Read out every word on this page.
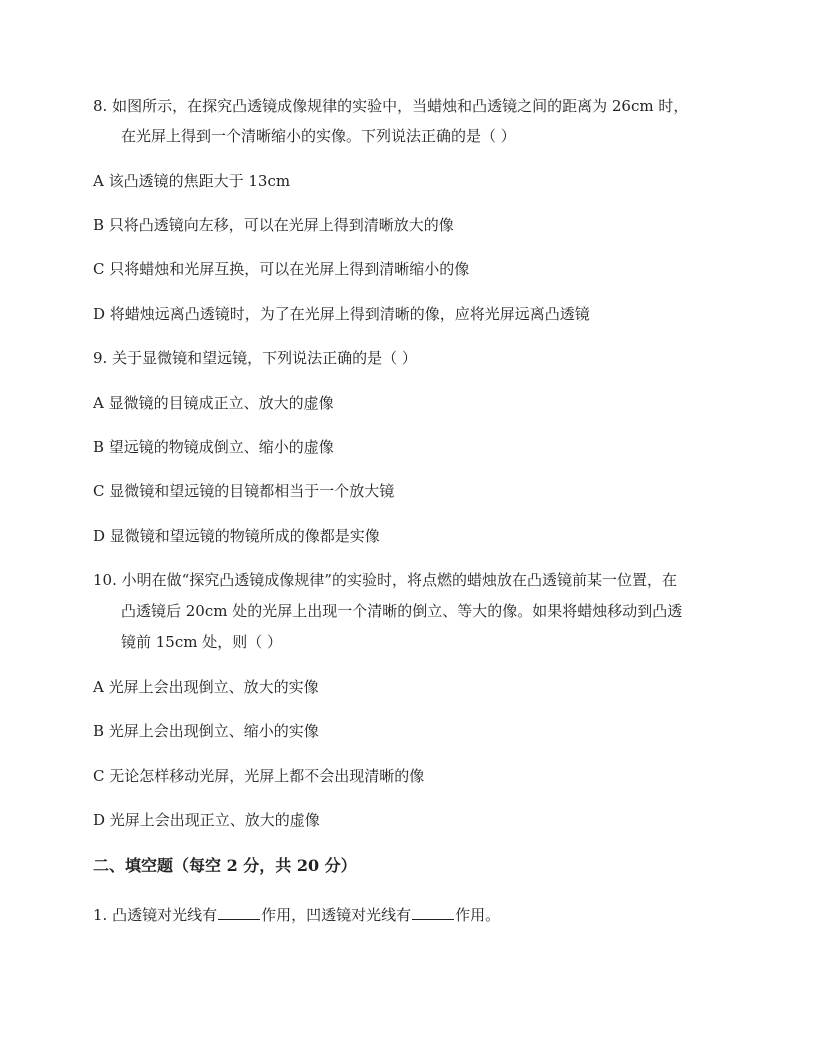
8. 如图所示，在探究凸透镜成像规律的实验中，当蜡烛和凸透镜之间的距离为 26cm 时，
在光屏上得到一个清晰缩小的实像。下列说法正确的是（ ）
A 该凸透镜的焦距大于 13cm
B 只将凸透镜向左移，可以在光屏上得到清晰放大的像
C 只将蜡烛和光屏互换，可以在光屏上得到清晰缩小的像
D 将蜡烛远离凸透镜时，为了在光屏上得到清晰的像，应将光屏远离凸透镜
9. 关于显微镜和望远镜，下列说法正确的是（ ）
A 显微镜的目镜成正立、放大的虚像
B 望远镜的物镜成倒立、缩小的虚像
C 显微镜和望远镜的目镜都相当于一个放大镜
D 显微镜和望远镜的物镜所成的像都是实像
10. 小明在做“探究凸透镜成像规律”的实验时，将点燃的蜡烛放在凸透镜前某一位置，在
凸透镜后 20cm 处的光屏上出现一个清晰的倒立、等大的像。如果将蜡烛移动到凸透
镜前 15cm 处，则（ ）
A 光屏上会出现倒立、放大的实像
B 光屏上会出现倒立、缩小的实像
C 无论怎样移动光屏，光屏上都不会出现清晰的像
D 光屏上会出现正立、放大的虚像
二、填空题（每空 2 分，共 20 分）
1. 凸透镜对光线有	作用，凹透镜对光线有	作用。
